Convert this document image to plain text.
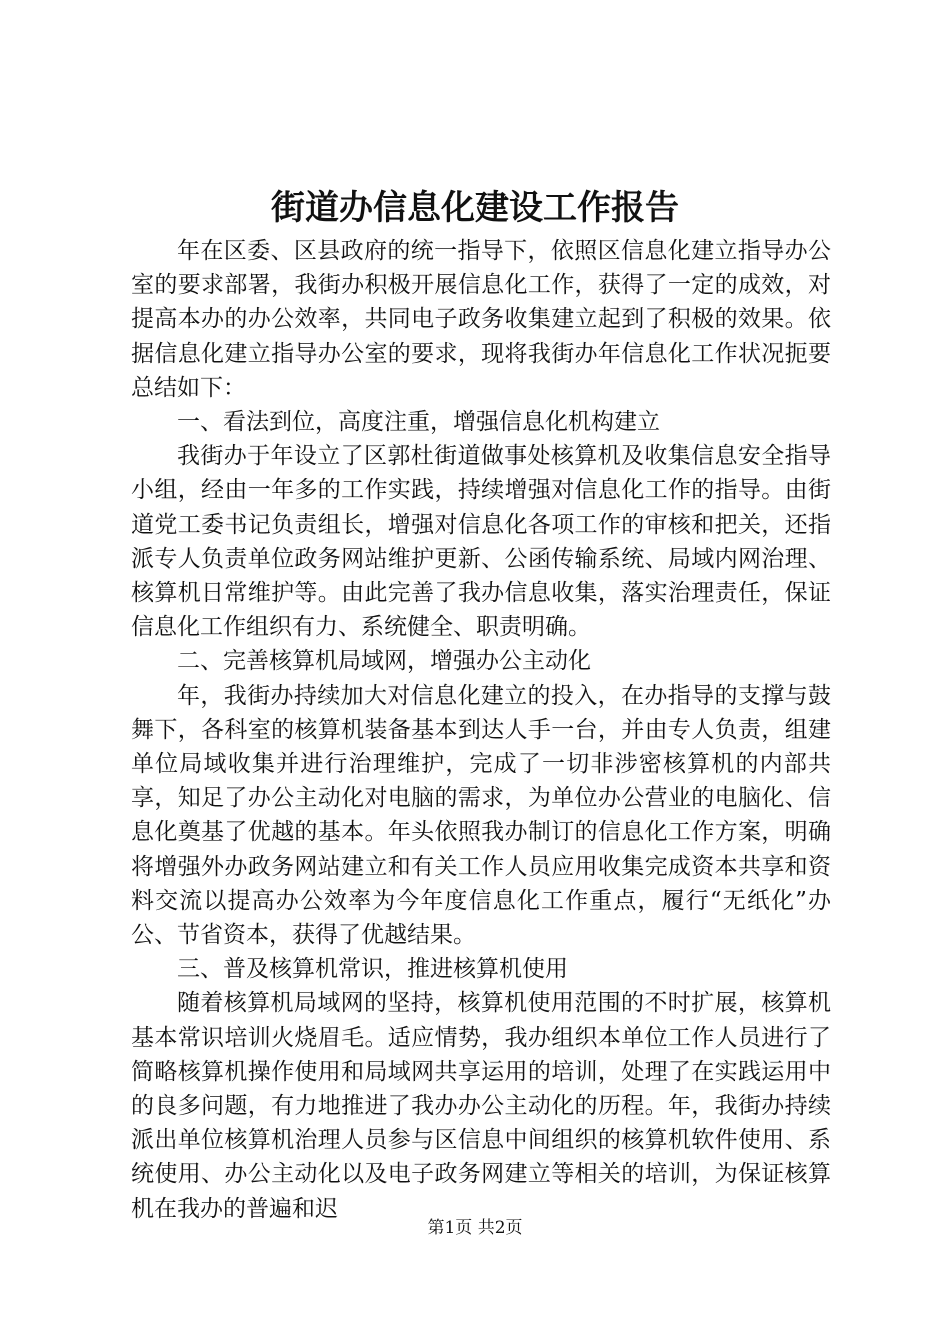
街道办信息化建设工作报告

年在区委、区县政府的统一指导下，依照区信息化建立指导办公室的要求部署，我街办积极开展信息化工作，获得了一定的成效，对提高本办的办公效率，共同电子政务收集建立起到了积极的效果。依据信息化建立指导办公室的要求，现将我街办年信息化工作状况扼要总结如下：

一、看法到位，高度注重，增强信息化机构建立

我街办于年设立了区郭杜街道做事处核算机及收集信息安全指导小组，经由一年多的工作实践，持续增强对信息化工作的指导。由街道党工委书记负责组长，增强对信息化各项工作的审核和把关，还指派专人负责单位政务网站维护更新、公函传输系统、局域内网治理、核算机日常维护等。由此完善了我办信息收集，落实治理责任，保证信息化工作组织有力、系统健全、职责明确。

二、完善核算机局域网，增强办公主动化

年，我街办持续加大对信息化建立的投入，在办指导的支撑与鼓舞下，各科室的核算机装备基本到达人手一台，并由专人负责，组建单位局域收集并进行治理维护，完成了一切非涉密核算机的内部共享，知足了办公主动化对电脑的需求，为单位办公营业的电脑化、信息化奠基了优越的基本。年头依照我办制订的信息化工作方案，明确将增强外办政务网站建立和有关工作人员应用收集完成资本共享和资料交流以提高办公效率为今年度信息化工作重点，履行“无纸化”办公、节省资本，获得了优越结果。

三、普及核算机常识，推进核算机使用

随着核算机局域网的坚持，核算机使用范围的不时扩展，核算机基本常识培训火烧眉毛。适应情势，我办组织本单位工作人员进行了简略核算机操作使用和局域网共享运用的培训，处理了在实践运用中的良多问题，有力地推进了我办办公主动化的历程。年，我街办持续派出单位核算机治理人员参与区信息中间组织的核算机软件使用、系统使用、办公主动化以及电子政务网建立等相关的培训，为保证核算机在我办的普遍和迟

第1页 共2页
